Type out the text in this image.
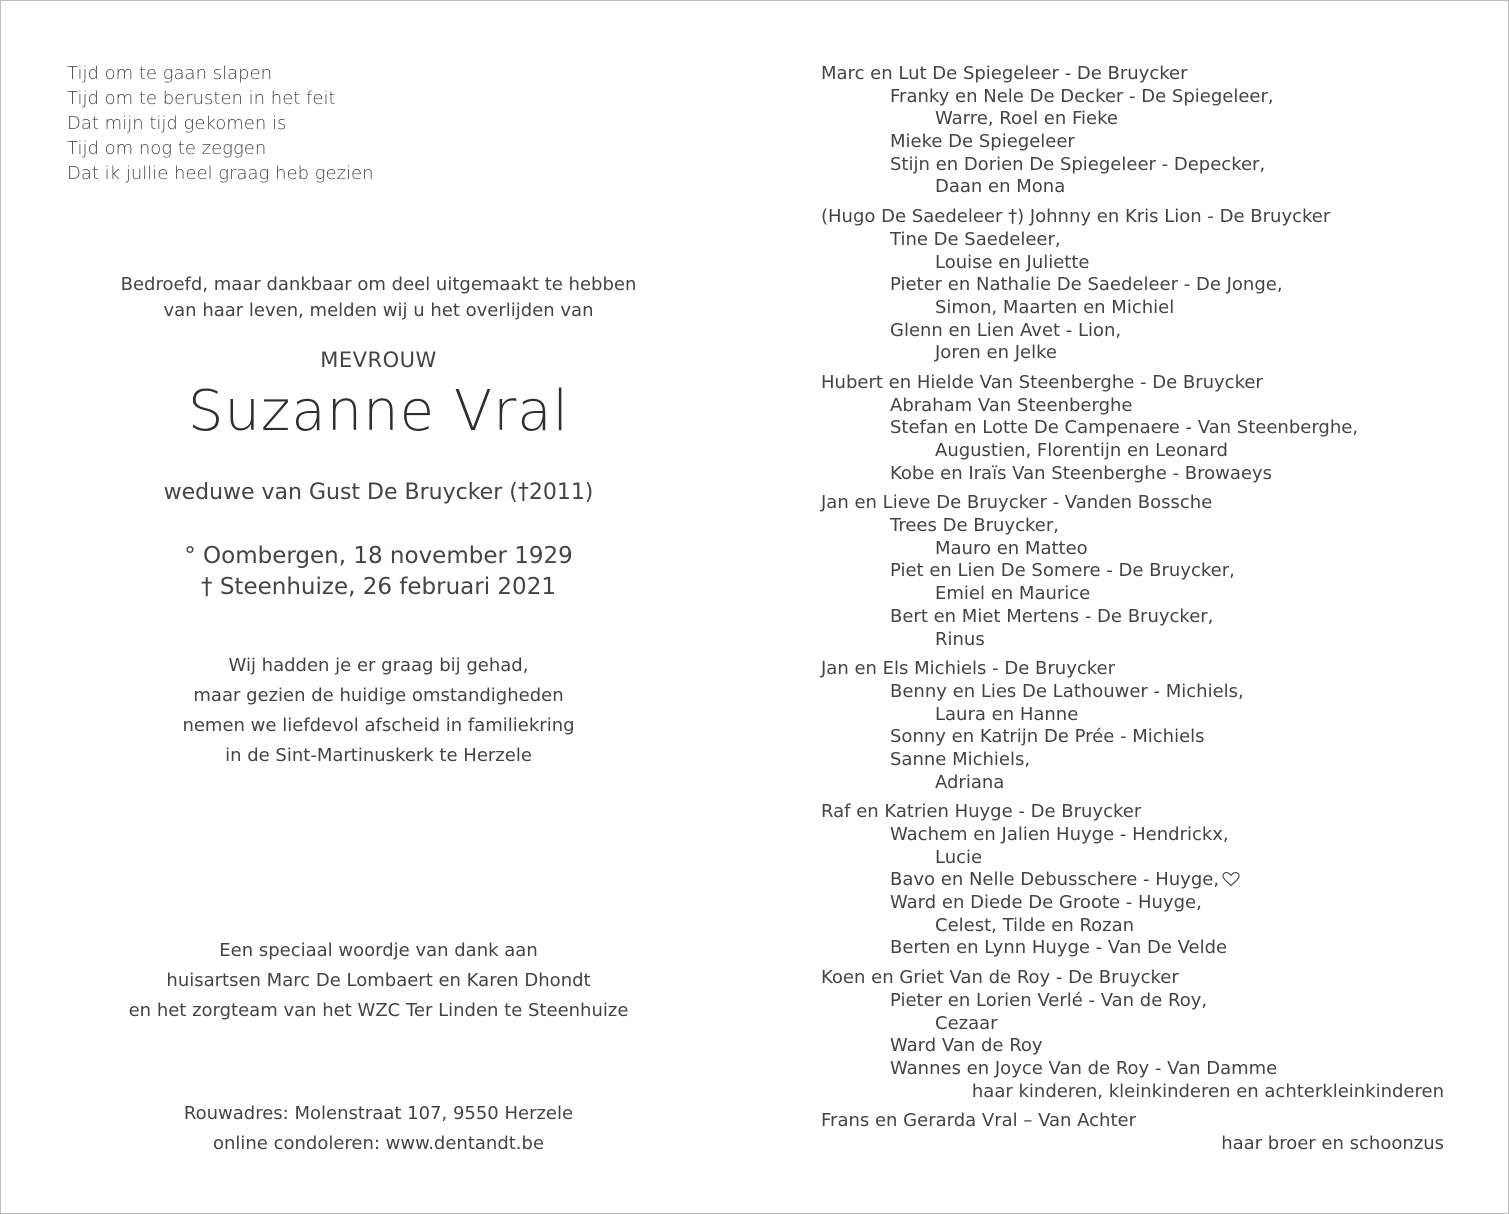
Tijd om te gaan slapen
Tijd om te berusten in het feit
Dat mijn tijd gekomen is
Tijd om nog te zeggen
Dat ik jullie heel graag heb gezien
Bedroefd, maar dankbaar om deel uitgemaakt te hebben
van haar leven, melden wij u het overlijden van
MEVROUW
Suzanne Vral
weduwe van Gust De Bruycker (†2011)
° Oombergen, 18 november 1929
† Steenhuize, 26 februari 2021
Wij hadden je er graag bij gehad,
maar gezien de huidige omstandigheden
nemen we liefdevol afscheid in familiekring
in de Sint-Martinuskerk te Herzele
Een speciaal woordje van dank aan
huisartsen Marc De Lombaert en Karen Dhondt
en het zorgteam van het WZC Ter Linden te Steenhuize
Rouwadres: Molenstraat 107, 9550 Herzele
online condoleren: www.dentandt.be
Marc en Lut De Spiegeleer - De Bruycker
Franky en Nele De Decker - De Spiegeleer,
Warre, Roel en Fieke
Mieke De Spiegeleer
Stijn en Dorien De Spiegeleer - Depecker,
Daan en Mona
(Hugo De Saedeleer †) Johnny en Kris Lion - De Bruycker
Tine De Saedeleer,
Louise en Juliette
Pieter en Nathalie De Saedeleer - De Jonge,
Simon, Maarten en Michiel
Glenn en Lien Avet - Lion,
Joren en Jelke
Hubert en Hielde Van Steenberghe - De Bruycker
Abraham Van Steenberghe
Stefan en Lotte De Campenaere - Van Steenberghe,
Augustien, Florentijn en Leonard
Kobe en Iraïs Van Steenberghe - Browaeys
Jan en Lieve De Bruycker - Vanden Bossche
Trees De Bruycker,
Mauro en Matteo
Piet en Lien De Somere - De Bruycker,
Emiel en Maurice
Bert en Miet Mertens - De Bruycker,
Rinus
Jan en Els Michiels - De Bruycker
Benny en Lies De Lathouwer - Michiels,
Laura en Hanne
Sonny en Katrijn De Prée - Michiels
Sanne Michiels,
Adriana
Raf en Katrien Huyge - De Bruycker
Wachem en Jalien Huyge - Hendrickx,
Lucie
Bavo en Nelle Debusschere - Huyge,
Ward en Diede De Groote - Huyge,
Celest, Tilde en Rozan
Berten en Lynn Huyge - Van De Velde
Koen en Griet Van de Roy - De Bruycker
Pieter en Lorien Verlé - Van de Roy,
Cezaar
Ward Van de Roy
Wannes en Joyce Van de Roy - Van Damme
haar kinderen, kleinkinderen en achterkleinkinderen
Frans en Gerarda Vral – Van Achter
haar broer en schoonzus
